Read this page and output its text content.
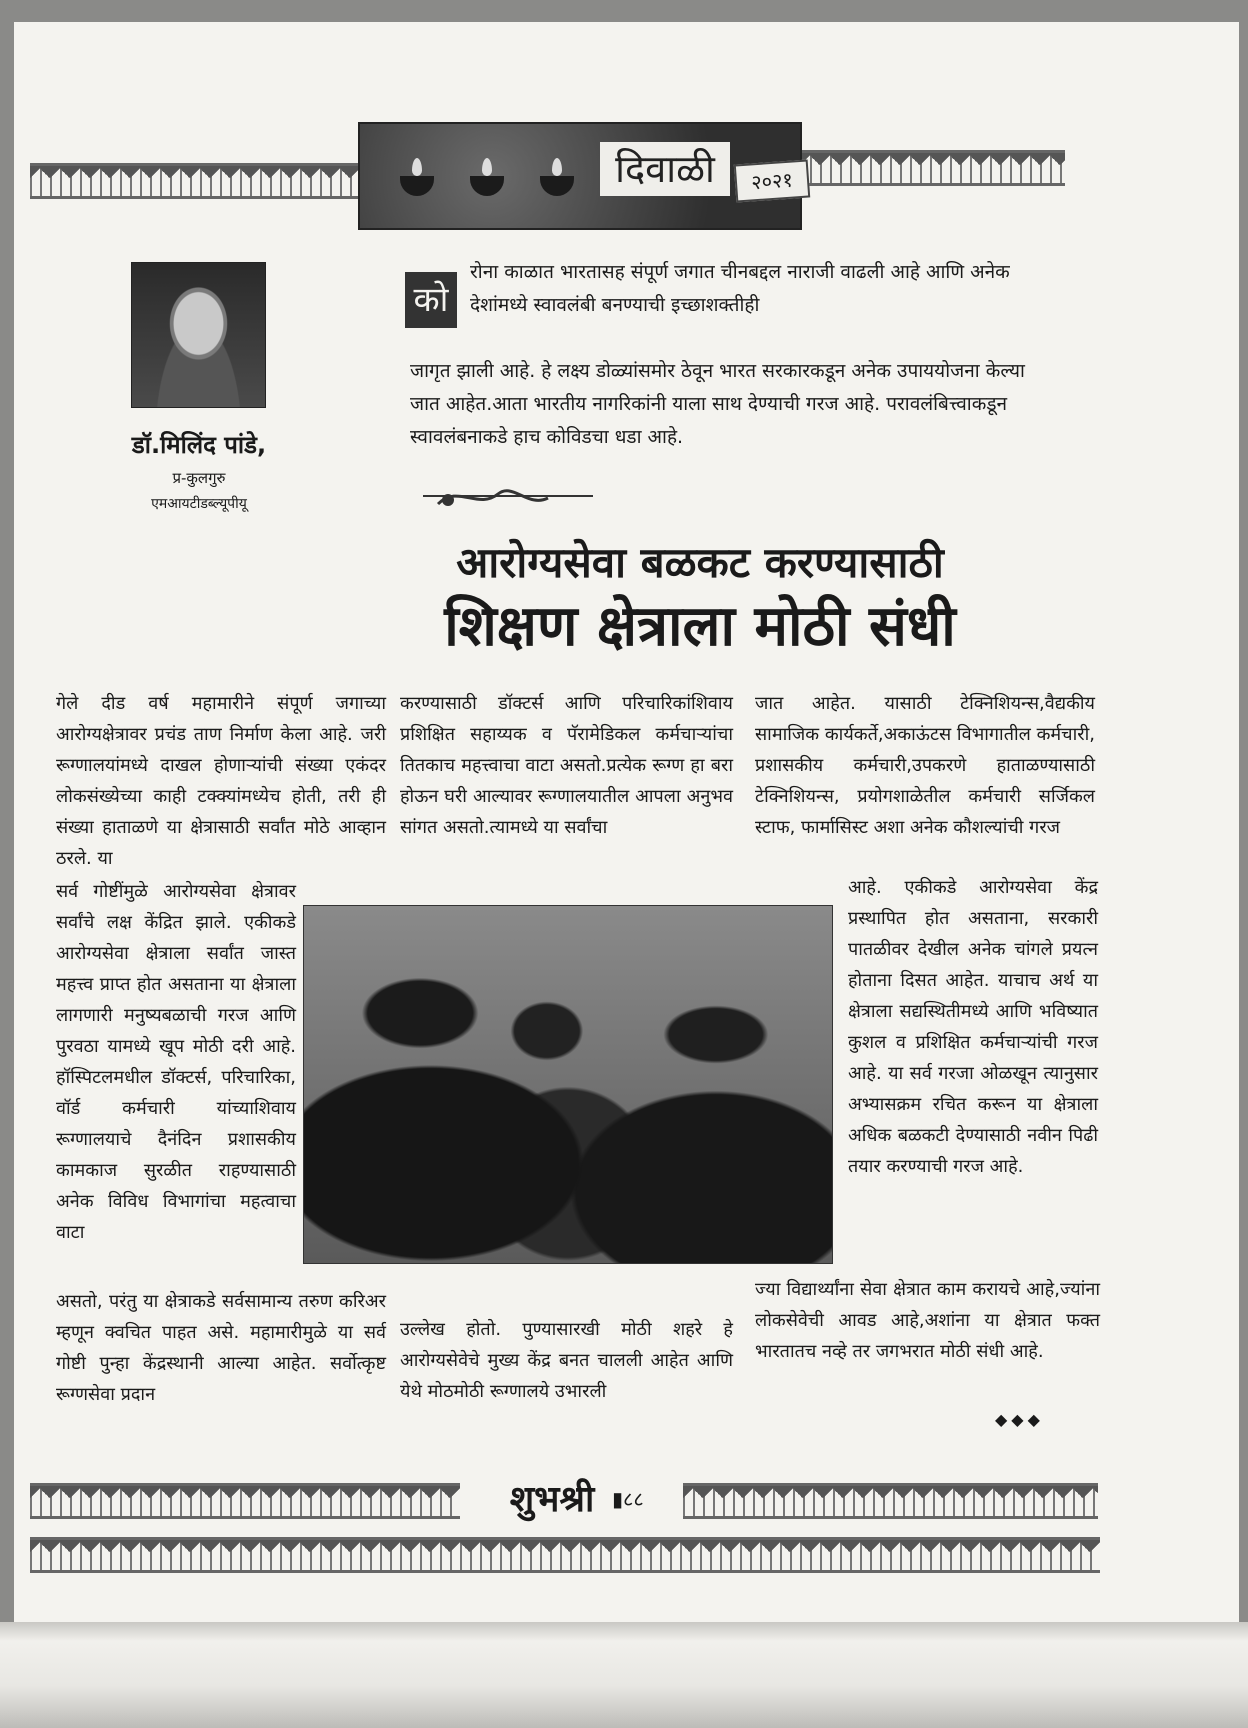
दिवाळी	२०२१
डॉ.मिलिंद पांडे,
प्र-कुलगुरु
एमआयटीडब्ल्यूपीयू
को
रोना काळात भारतासह संपूर्ण जगात चीनबद्दल नाराजी वाढली आहे आणि अनेक देशांमध्ये स्वावलंबी बनण्याची इच्छाशक्तीही
जागृत झाली आहे. हे लक्ष्य डोळ्यांसमोर ठेवून भारत सरकारकडून अनेक उपाययोजना केल्या जात आहेत.आता भारतीय नागरिकांनी याला साथ देण्याची गरज आहे. परावलंबित्त्वाकडून स्वावलंबनाकडे हाच कोविडचा धडा आहे.
आरोग्यसेवा बळकट करण्यासाठी
शिक्षण क्षेत्राला मोठी संधी
गेले दीड वर्ष महामारीने संपूर्ण जगाच्या आरोग्यक्षेत्रावर प्रचंड ताण निर्माण केला आहे. जरी रूग्णालयांमध्ये दाखल होणाऱ्यांची संख्या एकंदर लोकसंख्येच्या काही टक्क्यांमध्येच होती, तरी ही संख्या हाताळणे या क्षेत्रासाठी सर्वांत मोठे आव्हान ठरले. या
सर्व गोष्टींमुळे आरोग्यसेवा क्षेत्रावर सर्वांचे लक्ष केंद्रित झाले. एकीकडे आरोग्यसेवा क्षेत्राला सर्वांत जास्त महत्त्व प्राप्त होत असताना या क्षेत्राला लागणारी मनुष्यबळाची गरज आणि पुरवठा यामध्ये खूप मोठी दरी आहे. हॉस्पिटलमधील डॉक्टर्स, परिचारिका, वॉर्ड कर्मचारी यांच्याशिवाय रूग्णालयाचे दैनंदिन प्रशासकीय कामकाज सुरळीत राहण्यासाठी अनेक विविध विभागांचा महत्वाचा वाटा
असतो, परंतु या क्षेत्राकडे सर्वसामान्य तरुण करिअर म्हणून क्वचित पाहत असे. महामारीमुळे या सर्व गोष्टी पुन्हा केंद्रस्थानी आल्या आहेत. सर्वोत्कृष्ट रूग्णसेवा प्रदान
करण्यासाठी डॉक्टर्स आणि परिचारिकांशिवाय प्रशिक्षित सहाय्यक व पॅरामेडिकल कर्मचाऱ्यांचा तितकाच महत्त्वाचा वाटा असतो.प्रत्येक रूग्ण हा बरा होऊन घरी आल्यावर रूग्णालयातील आपला अनुभव सांगत असतो.त्यामध्ये या सर्वांचा
उल्लेख होतो. पुण्यासारखी मोठी शहरे हे आरोग्यसेवेचे मुख्य केंद्र बनत चालली आहेत आणि येथे मोठमोठी रूग्णालये उभारली
जात आहेत. यासाठी टेक्निशियन्स,वैद्यकीय सामाजिक कार्यकर्ते,अकाऊंटस विभागातील कर्मचारी, प्रशासकीय कर्मचारी,उपकरणे हाताळण्यासाठी टेक्निशियन्स, प्रयोगशाळेतील कर्मचारी सर्जिकल स्टाफ, फार्मासिस्ट अशा अनेक कौशल्यांची गरज
आहे. एकीकडे आरोग्यसेवा केंद्र प्रस्थापित होत असताना, सरकारी पातळीवर देखील अनेक चांगले प्रयत्न होताना दिसत आहेत. याचाच अर्थ या क्षेत्राला सद्यस्थितीमध्ये आणि भविष्यात कुशल व प्रशिक्षित कर्मचाऱ्यांची गरज आहे. या सर्व गरजा ओळखून त्यानुसार अभ्यासक्रम रचित करून या क्षेत्राला अधिक बळकटी देण्यासाठी नवीन पिढी तयार करण्याची गरज आहे.
ज्या विद्यार्थ्यांना सेवा क्षेत्रात काम करायचे आहे,ज्यांना लोकसेवेची आवड आहे,अशांना या क्षेत्रात फक्त भारतातच नव्हे तर जगभरात मोठी संधी आहे.
◆◆◆
शुभश्री ▮८८
